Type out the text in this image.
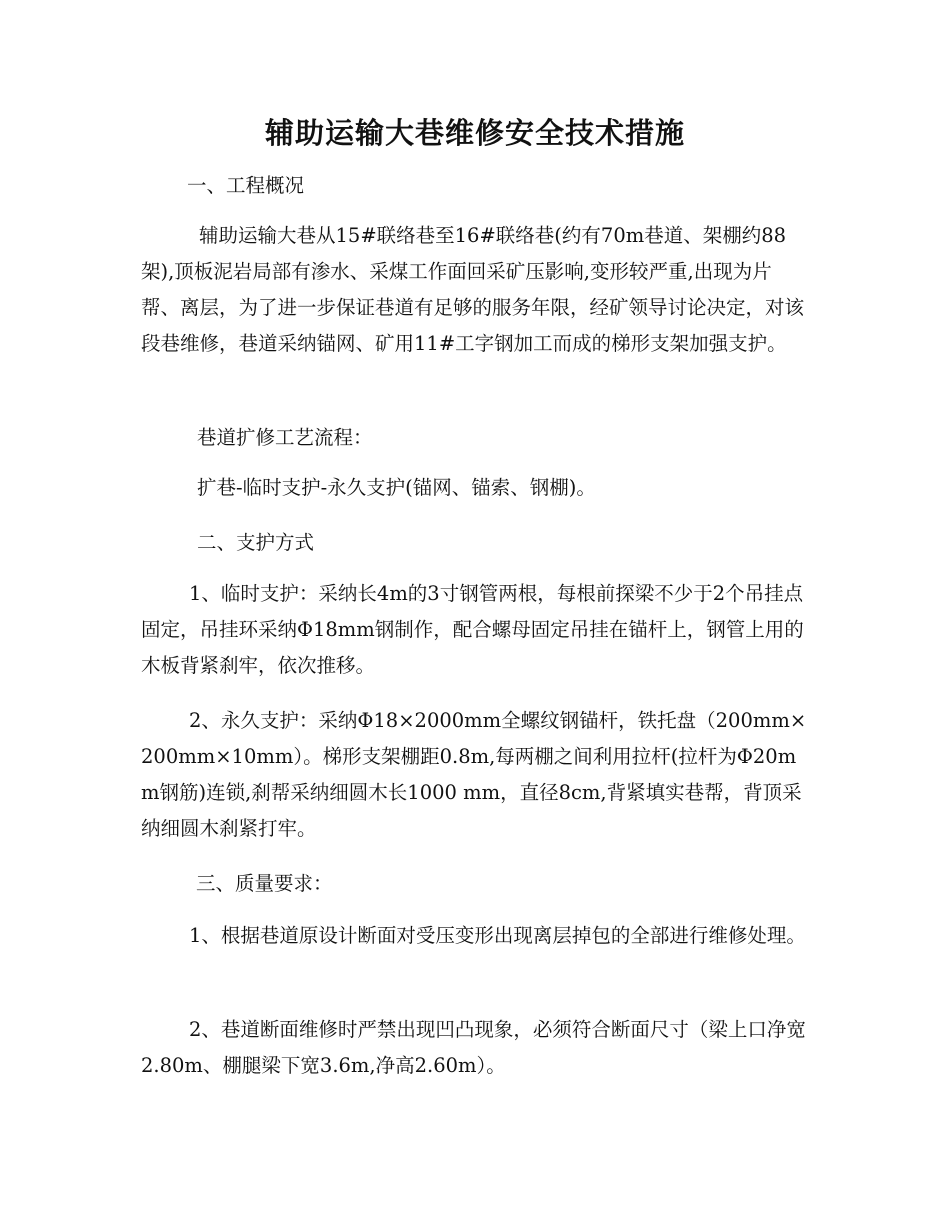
辅助运输大巷维修安全技术措施

一、工程概况

辅助运输大巷从15#联络巷至16#联络巷(约有70m巷道、架棚约88架),顶板泥岩局部有渗水、采煤工作面回采矿压影响,变形较严重,出现为片帮、离层，为了进一步保证巷道有足够的服务年限，经矿领导讨论决定，对该段巷维修，巷道采纳锚网、矿用11#工字钢加工而成的梯形支架加强支护。

巷道扩修工艺流程：

扩巷-临时支护-永久支护(锚网、锚索、钢棚)。

二、支护方式

1、临时支护：采纳长4m的3寸钢管两根，每根前探梁不少于2个吊挂点固定，吊挂环采纳Φ18mm钢制作，配合螺母固定吊挂在锚杆上，钢管上用的木板背紧刹牢，依次推移。

2、永久支护：采纳Φ18×2000mm全螺纹钢锚杆，铁托盘（200mm×200mm×10mm）。梯形支架棚距0.8m,每两棚之间利用拉杆(拉杆为Φ20mm钢筋)连锁,刹帮采纳细圆木长1000 mm，直径8cm,背紧填实巷帮，背顶采纳细圆木刹紧打牢。

三、质量要求：

1、根据巷道原设计断面对受压变形出现离层掉包的全部进行维修处理。

2、巷道断面维修时严禁出现凹凸现象，必须符合断面尺寸（梁上口净宽2.80m、棚腿梁下宽3.6m,净高2.60m）。
